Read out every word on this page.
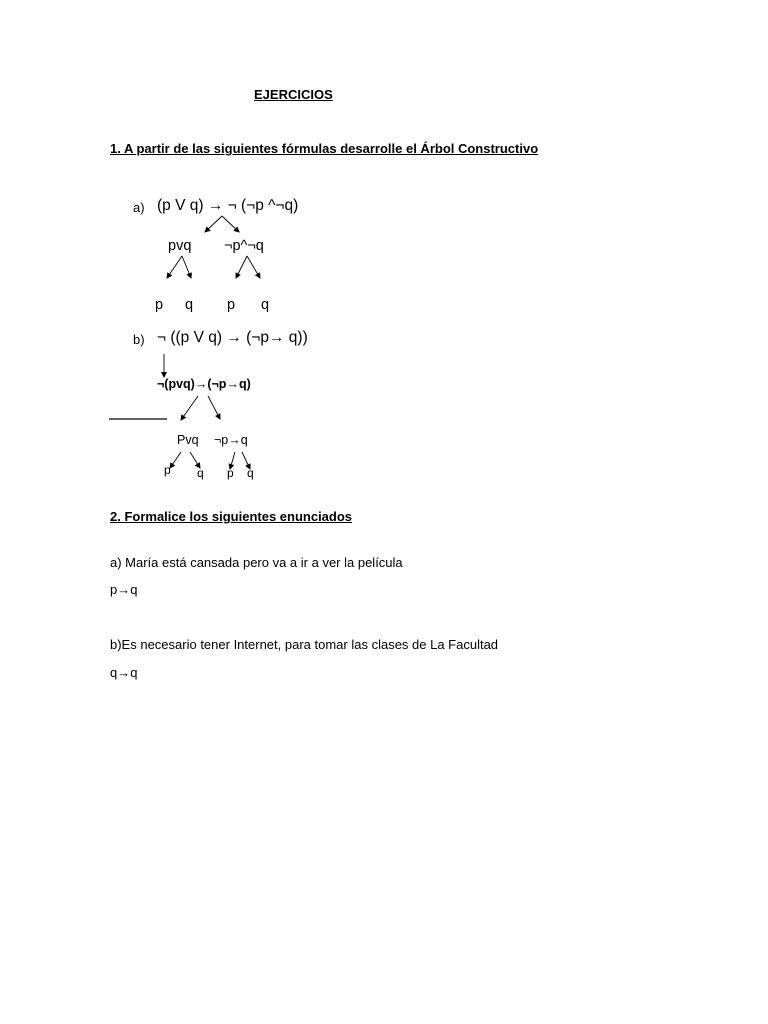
EJERCICIOS
1. A partir de las siguientes fórmulas desarrolle el Árbol Constructivo
a) (p V q) → ¬ (¬p ^¬q)
pvq ¬p^¬q
p q p q
b) ¬ ((p V q) → (¬p→ q))
¬(pvq)→(¬p→q)
Pvq ¬p→q
p q p q
2. Formalice los siguientes enunciados
a) María está cansada pero va a ir a ver la película
p→q
b)Es necesario tener Internet, para tomar las clases de La Facultad
q→q
